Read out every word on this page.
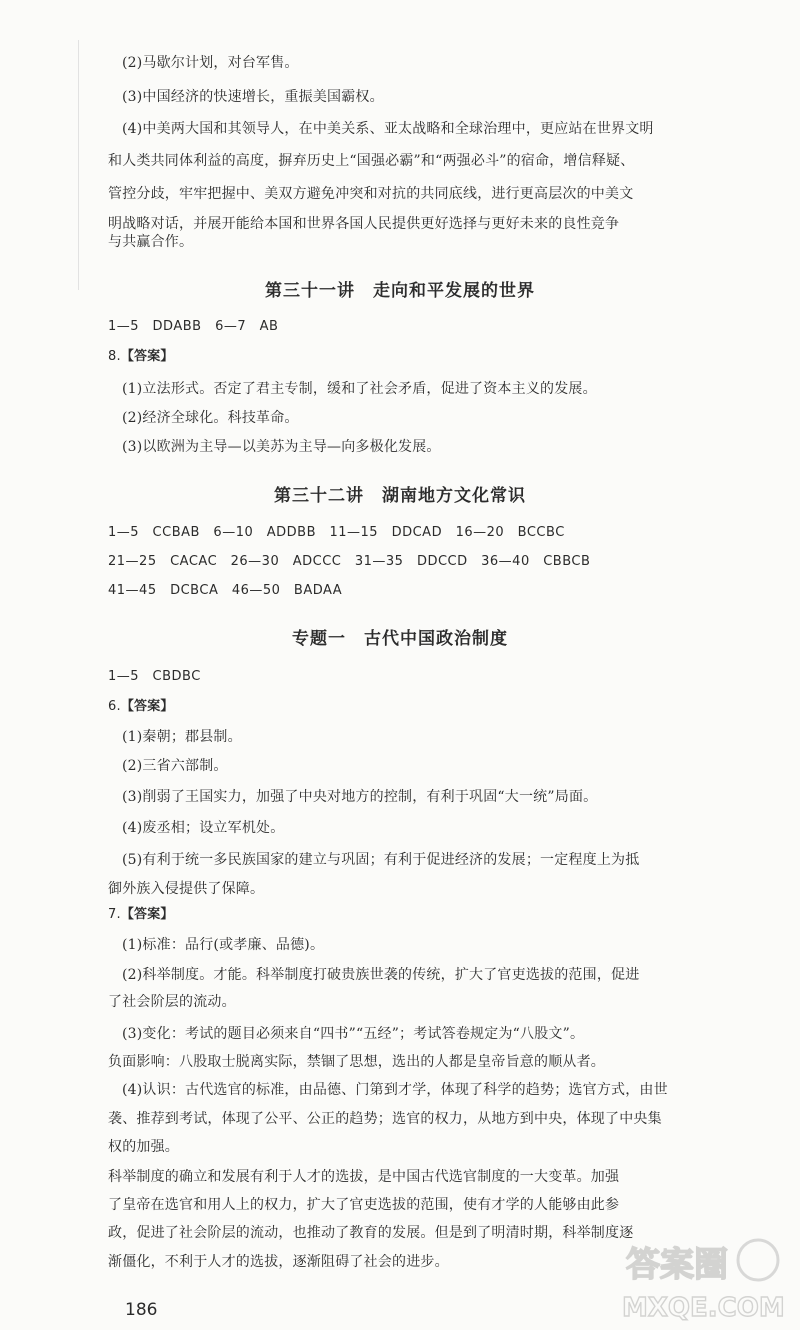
(2)马歇尔计划，对台军售。
(3)中国经济的快速增长，重振美国霸权。
(4)中美两大国和其领导人，在中美关系、亚太战略和全球治理中，更应站在世界文明
和人类共同体利益的高度，摒弃历史上“国强必霸”和“两强必斗”的宿命，增信释疑、
管控分歧，牢牢把握中、美双方避免冲突和对抗的共同底线，进行更高层次的中美文
明战略对话，并展开能给本国和世界各国人民提供更好选择与更好未来的良性竞争
与共赢合作。
第三十一讲　走向和平发展的世界
1—5　DDABB　6—7　AB
8.【答案】
(1)立法形式。否定了君主专制，缓和了社会矛盾，促进了资本主义的发展。
(2)经济全球化。科技革命。
(3)以欧洲为主导—以美苏为主导—向多极化发展。
第三十二讲　湖南地方文化常识
1—5　CCBAB　6—10　ADDBB　11—15　DDCAD　16—20　BCCBC
21—25　CACAC　26—30　ADCCC　31—35　DDCCD　36—40　CBBCB
41—45　DCBCA　46—50　BADAA
专题一　古代中国政治制度
1—5　CBDBC
6.【答案】
(1)秦朝；郡县制。
(2)三省六部制。
(3)削弱了王国实力，加强了中央对地方的控制，有利于巩固“大一统”局面。
(4)废丞相；设立军机处。
(5)有利于统一多民族国家的建立与巩固；有利于促进经济的发展；一定程度上为抵
御外族入侵提供了保障。
7.【答案】
(1)标准：品行(或孝廉、品德)。
(2)科举制度。才能。科举制度打破贵族世袭的传统，扩大了官吏选拔的范围，促进
了社会阶层的流动。
(3)变化：考试的题目必须来自“四书”“五经”；考试答卷规定为“八股文”。
负面影响：八股取士脱离实际，禁锢了思想，选出的人都是皇帝旨意的顺从者。
(4)认识：古代选官的标准，由品德、门第到才学，体现了科学的趋势；选官方式，由世
袭、推荐到考试，体现了公平、公正的趋势；选官的权力，从地方到中央，体现了中央集
权的加强。
科举制度的确立和发展有利于人才的选拔，是中国古代选官制度的一大变革。加强
了皇帝在选官和用人上的权力，扩大了官吏选拔的范围，使有才学的人能够由此参
政，促进了社会阶层的流动，也推动了教育的发展。但是到了明清时期，科举制度逐
渐僵化，不利于人才的选拔，逐渐阻碍了社会的进步。
186
答案圈
MXQE.COM
